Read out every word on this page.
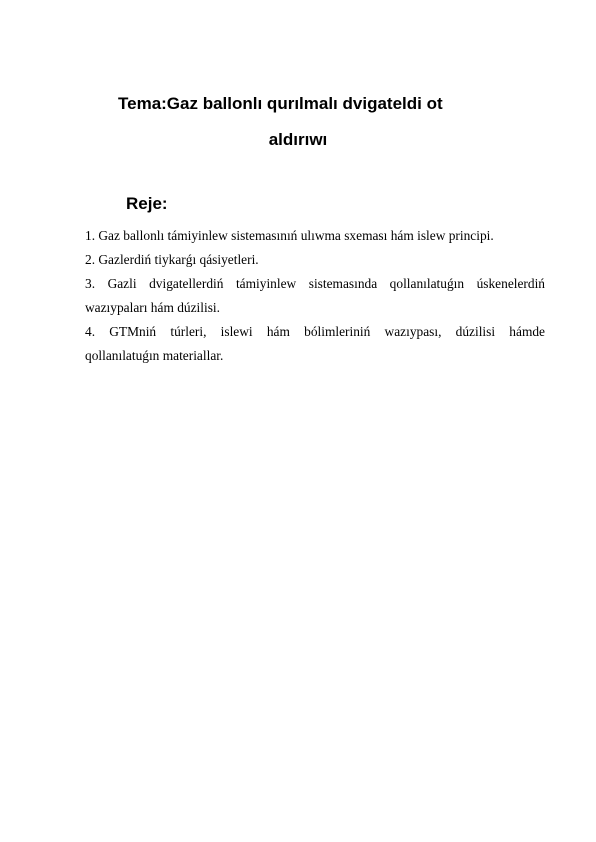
Tema:Gaz ballonlı qurılmalı dvigateldi ot
aldırıwı
Reje:
1. Gaz ballonlı támiyinlew sistemasınıń ulıwma sxeması hám islew principi.
2. Gazlerdiń tiykarǵı qásiyetleri.
3. Gazli dvigatellerdiń támiyinlew sistemasında qollanılatuǵın úskenelerdiń
wazıypaları hám dúzilisi.
4. GTMniń túrleri, islewi hám bólimleriniń wazıypası, dúzilisi hámde
qollanılatuǵın materiallar.
